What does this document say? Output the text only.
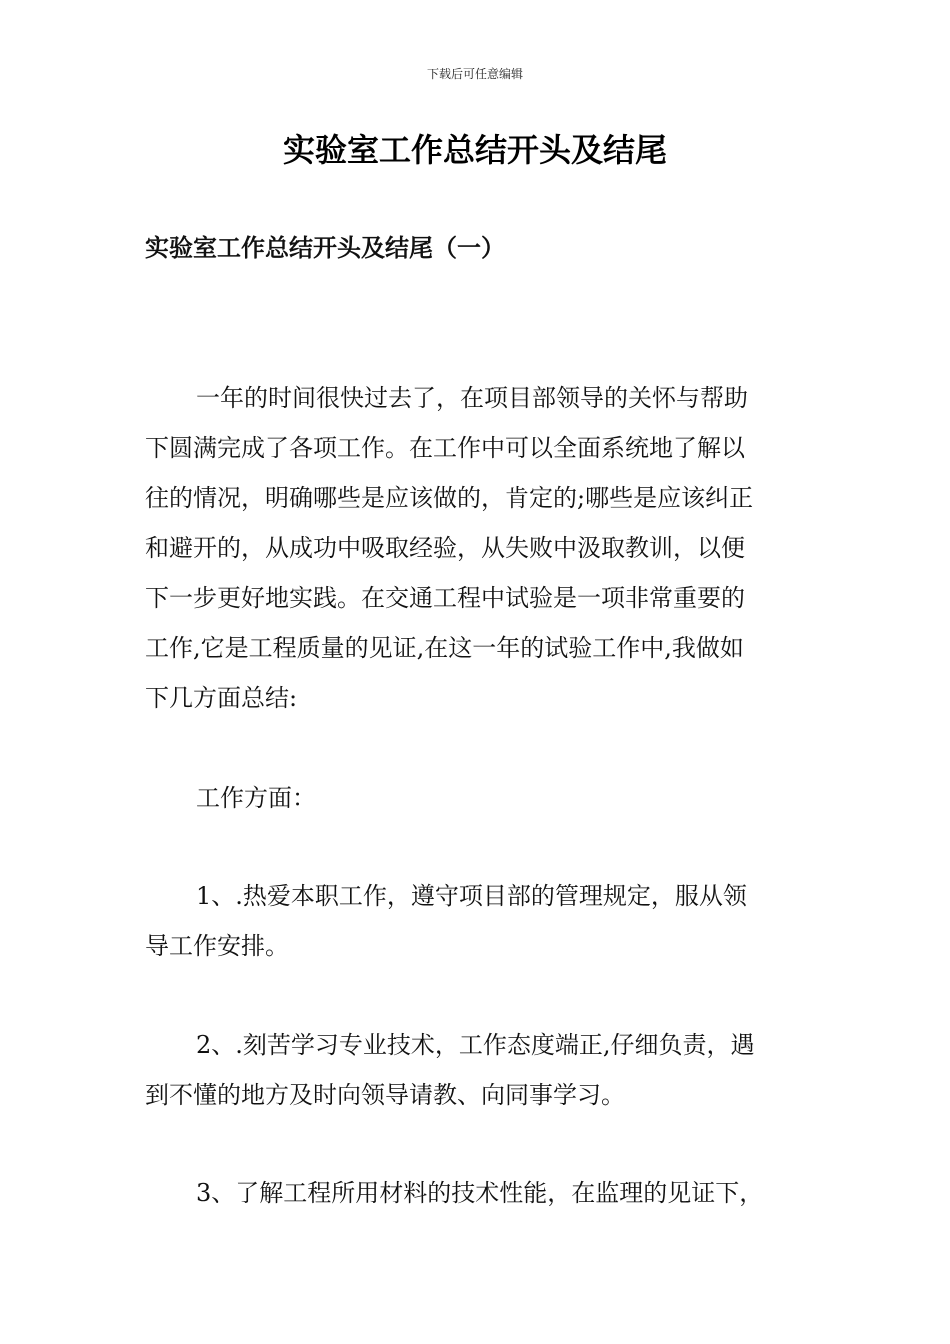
下载后可任意编辑
实验室工作总结开头及结尾
实验室工作总结开头及结尾（一）
一年的时间很快过去了，在项目部领导的关怀与帮助
下圆满完成了各项工作。在工作中可以全面系统地了解以
往的情况，明确哪些是应该做的，肯定的;哪些是应该纠正
和避开的，从成功中吸取经验，从失败中汲取教训，以便
下一步更好地实践。在交通工程中试验是一项非常重要的
工作,它是工程质量的见证,在这一年的试验工作中,我做如
下几方面总结:
工作方面：
1、.热爱本职工作，遵守项目部的管理规定，服从领
导工作安排。
2、.刻苦学习专业技术，工作态度端正,仔细负责，遇
到不懂的地方及时向领导请教、向同事学习。
3、了解工程所用材料的技术性能，在监理的见证下，
